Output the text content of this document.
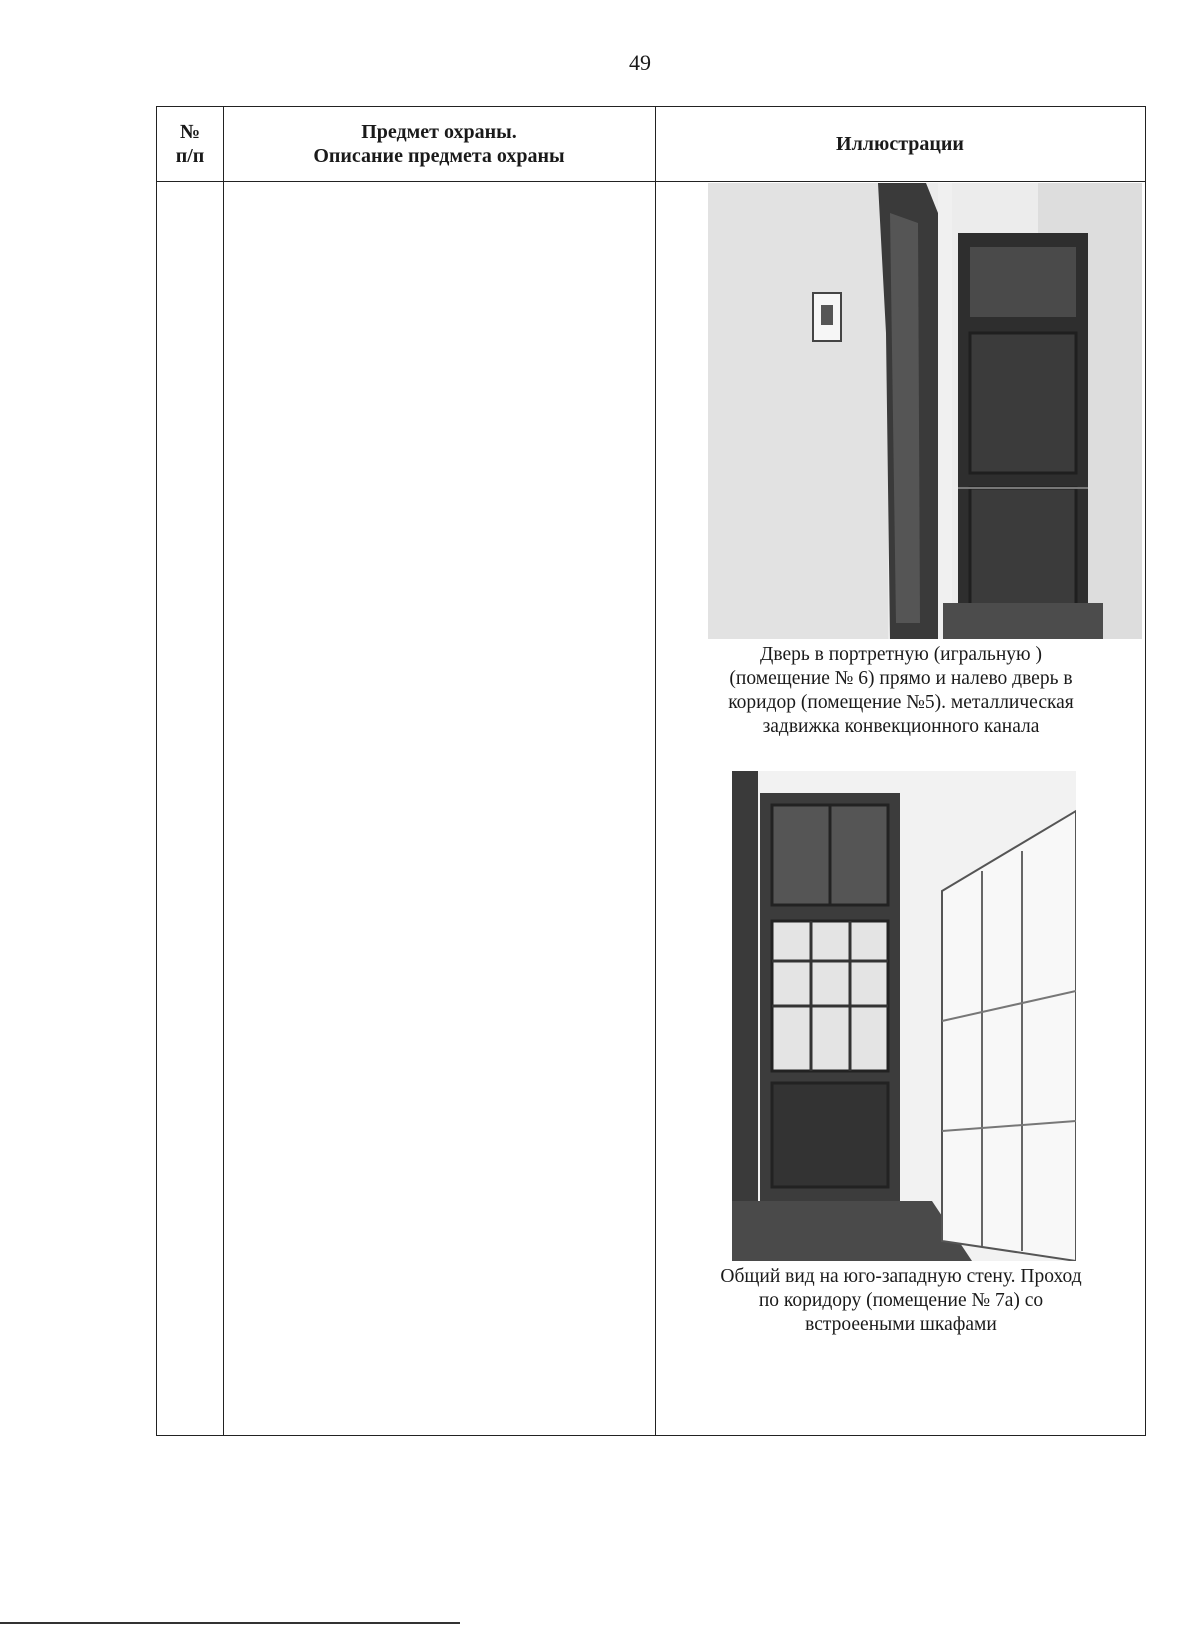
49
№
п/п
Предмет охраны.
Описание предмета охраны
Иллюстрации
Дверь в портретную (игральную )
(помещение № 6) прямо и налево дверь в
коридор (помещение №5). металлическая
задвижка конвекционного канала
Общий вид на юго-западную стену. Проход
по коридору (помещение № 7а) со
встроееными шкафами
